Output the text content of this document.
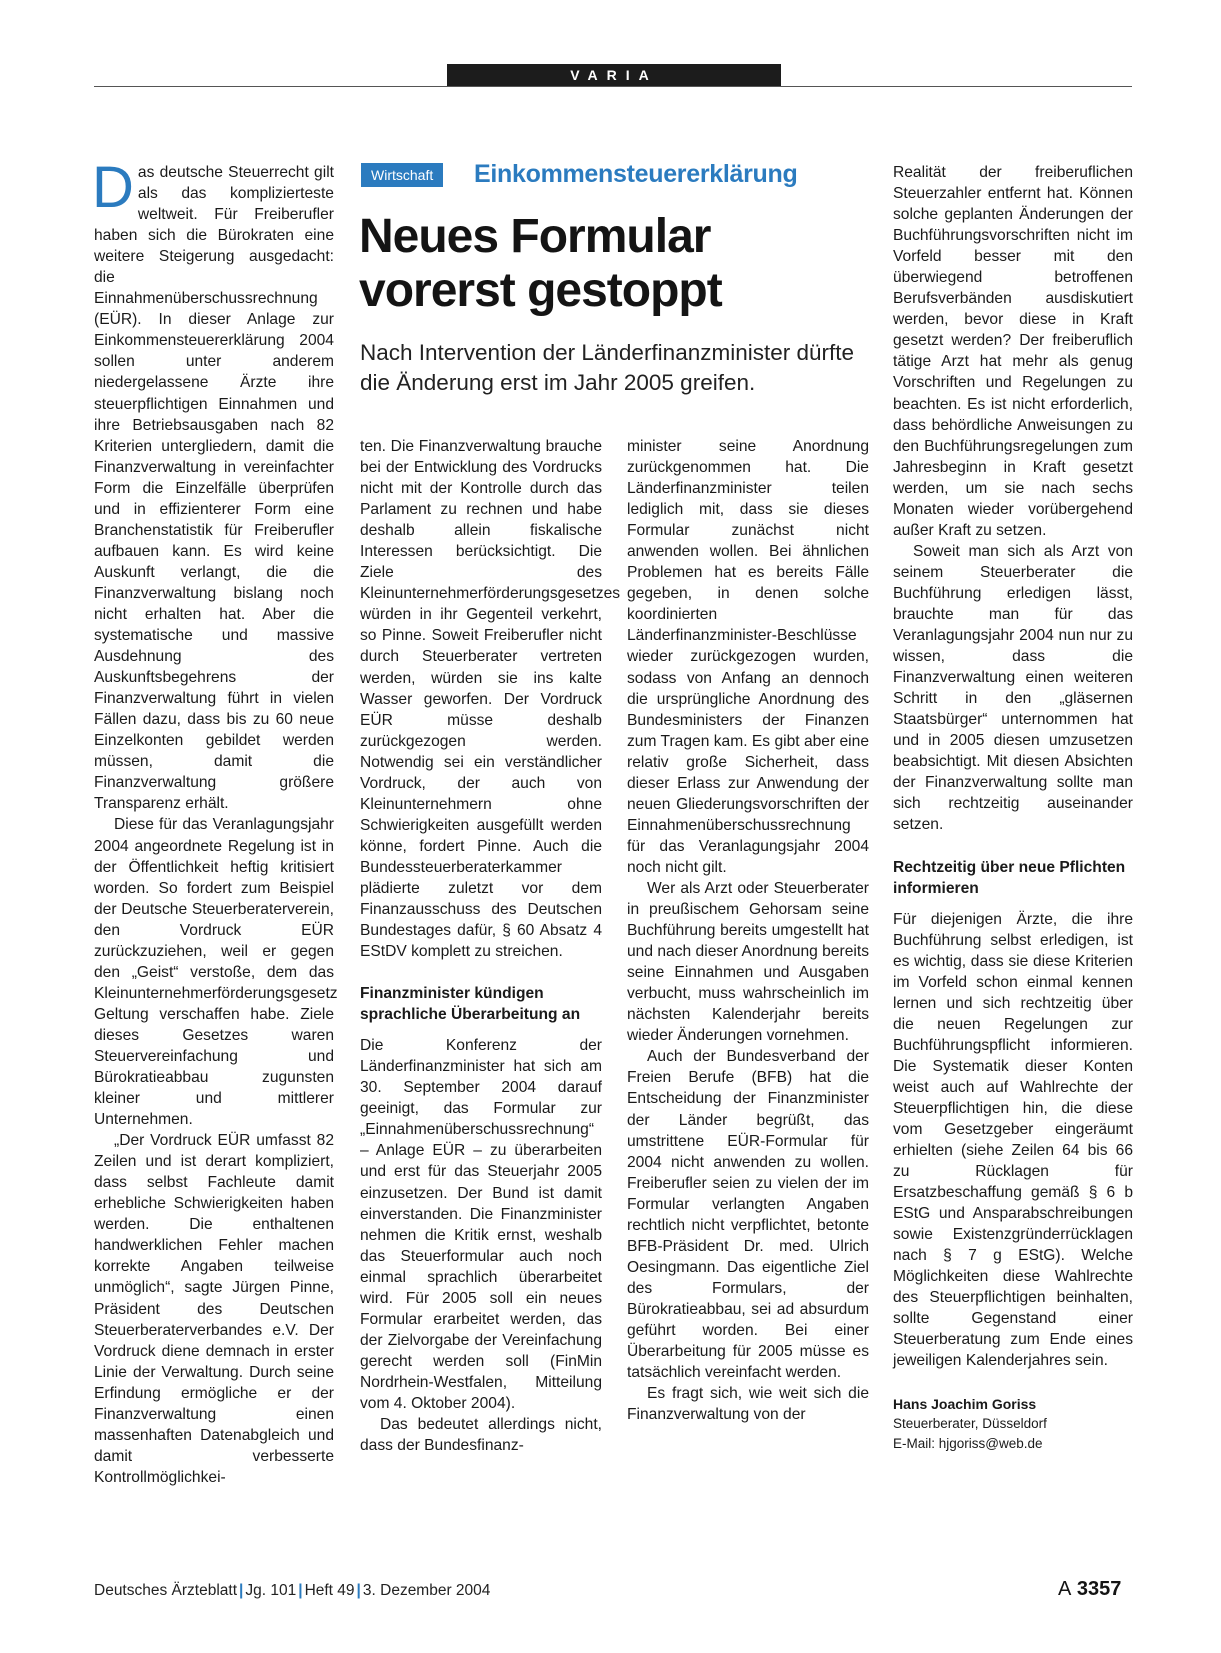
VARIA

Das deutsche Steuerrecht gilt als das komplizierteste weltweit. Für Freiberufler haben sich die Bürokraten eine weitere Steigerung ausgedacht: die Einnahmenüberschussrechnung (EÜR). In dieser Anlage zur Einkommensteuererklärung 2004 sollen unter anderem niedergelassene Ärzte ihre steuerpflichtigen Einnahmen und ihre Betriebsausgaben nach 82 Kriterien untergliedern, damit die Finanzverwaltung in vereinfachter Form die Einzelfälle überprüfen und in effizienterer Form eine Branchenstatistik für Freiberufler aufbauen kann. Es wird keine Auskunft verlangt, die die Finanzverwaltung bislang noch nicht erhalten hat. Aber die systematische und massive Ausdehnung des Auskunftsbegehrens der Finanzverwaltung führt in vielen Fällen dazu, dass bis zu 60 neue Einzelkonten gebildet werden müssen, damit die Finanzverwaltung größere Transparenz erhält.

Diese für das Veranlagungsjahr 2004 angeordnete Regelung ist in der Öffentlichkeit heftig kritisiert worden. So fordert zum Beispiel der Deutsche Steuerberaterverein, den Vordruck EÜR zurückzuziehen, weil er gegen den „Geist“ verstoße, dem das Kleinunternehmerförderungsgesetz Geltung verschaffen habe. Ziele dieses Gesetzes waren Steuervereinfachung und Bürokratieabbau zugunsten kleiner und mittlerer Unternehmen.

„Der Vordruck EÜR umfasst 82 Zeilen und ist derart kompliziert, dass selbst Fachleute damit erhebliche Schwierigkeiten haben werden. Die enthaltenen handwerklichen Fehler machen korrekte Angaben teilweise unmöglich“, sagte Jürgen Pinne, Präsident des Deutschen Steuerberaterverbandes e.V. Der Vordruck diene demnach in erster Linie der Verwaltung. Durch seine Erfindung ermögliche er der Finanzverwaltung einen massenhaften Datenabgleich und damit verbesserte Kontrollmöglichkei-

Wirtschaft	Einkommensteuererklärung
Neues Formular vorerst gestoppt
Nach Intervention der Länderfinanzminister dürfte die Änderung erst im Jahr 2005 greifen.

ten. Die Finanzverwaltung brauche bei der Entwicklung des Vordrucks nicht mit der Kontrolle durch das Parlament zu rechnen und habe deshalb allein fiskalische Interessen berücksichtigt. Die Ziele des Kleinunternehmerförderungsgesetzes würden in ihr Gegenteil verkehrt, so Pinne. Soweit Freiberufler nicht durch Steuerberater vertreten werden, würden sie ins kalte Wasser geworfen. Der Vordruck EÜR müsse deshalb zurückgezogen werden. Notwendig sei ein verständlicher Vordruck, der auch von Kleinunternehmern ohne Schwierigkeiten ausgefüllt werden könne, fordert Pinne. Auch die Bundessteuerberaterkammer plädierte zuletzt vor dem Finanzausschuss des Deutschen Bundestages dafür, § 60 Absatz 4 EStDV komplett zu streichen.

Finanzminister kündigen sprachliche Überarbeitung an

Die Konferenz der Länderfinanzminister hat sich am 30. September 2004 darauf geeinigt, das Formular zur „Einnahmenüberschussrechnung“ – Anlage EÜR – zu überarbeiten und erst für das Steuerjahr 2005 einzusetzen. Der Bund ist damit einverstanden. Die Finanzminister nehmen die Kritik ernst, weshalb das Steuerformular auch noch einmal sprachlich überarbeitet wird. Für 2005 soll ein neues Formular erarbeitet werden, das der Zielvorgabe der Vereinfachung gerecht werden soll (FinMin Nordrhein-Westfalen, Mitteilung vom 4. Oktober 2004).

Das bedeutet allerdings nicht, dass der Bundesfinanz-

minister seine Anordnung zurückgenommen hat. Die Länderfinanzminister teilen lediglich mit, dass sie dieses Formular zunächst nicht anwenden wollen. Bei ähnlichen Problemen hat es bereits Fälle gegeben, in denen solche koordinierten Länderfinanzminister-Beschlüsse wieder zurückgezogen wurden, sodass von Anfang an dennoch die ursprüngliche Anordnung des Bundesministers der Finanzen zum Tragen kam. Es gibt aber eine relativ große Sicherheit, dass dieser Erlass zur Anwendung der neuen Gliederungsvorschriften der Einnahmenüberschussrechnung für das Veranlagungsjahr 2004 noch nicht gilt.

Wer als Arzt oder Steuerberater in preußischem Gehorsam seine Buchführung bereits umgestellt hat und nach dieser Anordnung bereits seine Einnahmen und Ausgaben verbucht, muss wahrscheinlich im nächsten Kalenderjahr bereits wieder Änderungen vornehmen.

Auch der Bundesverband der Freien Berufe (BFB) hat die Entscheidung der Finanzminister der Länder begrüßt, das umstrittene EÜR-Formular für 2004 nicht anwenden zu wollen. Freiberufler seien zu vielen der im Formular verlangten Angaben rechtlich nicht verpflichtet, betonte BFB-Präsident Dr. med. Ulrich Oesingmann. Das eigentliche Ziel des Formulars, der Bürokratieabbau, sei ad absurdum geführt worden. Bei einer Überarbeitung für 2005 müsse es tatsächlich vereinfacht werden.

Es fragt sich, wie weit sich die Finanzverwaltung von der

Realität der freiberuflichen Steuerzahler entfernt hat. Können solche geplanten Änderungen der Buchführungsvorschriften nicht im Vorfeld besser mit den überwiegend betroffenen Berufsverbänden ausdiskutiert werden, bevor diese in Kraft gesetzt werden? Der freiberuflich tätige Arzt hat mehr als genug Vorschriften und Regelungen zu beachten. Es ist nicht erforderlich, dass behördliche Anweisungen zu den Buchführungsregelungen zum Jahresbeginn in Kraft gesetzt werden, um sie nach sechs Monaten wieder vorübergehend außer Kraft zu setzen.

Soweit man sich als Arzt von seinem Steuerberater die Buchführung erledigen lässt, brauchte man für das Veranlagungsjahr 2004 nun nur zu wissen, dass die Finanzverwaltung einen weiteren Schritt in den „gläsernen Staatsbürger“ unternommen hat und in 2005 diesen umzusetzen beabsichtigt. Mit diesen Absichten der Finanzverwaltung sollte man sich rechtzeitig auseinander setzen.

Rechtzeitig über neue Pflichten informieren

Für diejenigen Ärzte, die ihre Buchführung selbst erledigen, ist es wichtig, dass sie diese Kriterien im Vorfeld schon einmal kennen lernen und sich rechtzeitig über die neuen Regelungen zur Buchführungspflicht informieren. Die Systematik dieser Konten weist auch auf Wahlrechte der Steuerpflichtigen hin, die diese vom Gesetzgeber eingeräumt erhielten (siehe Zeilen 64 bis 66 zu Rücklagen für Ersatzbeschaffung gemäß § 6 b EStG und Ansparabschreibungen sowie Existenzgründerrücklagen nach § 7 g EStG). Welche Möglichkeiten diese Wahlrechte des Steuerpflichtigen beinhalten, sollte Gegenstand einer Steuerberatung zum Ende eines jeweiligen Kalenderjahres sein.

Hans Joachim Goriss
Steuerberater, Düsseldorf
E-Mail: hjgoriss@web.de
Deutsches Ärzteblatt | Jg. 101 | Heft 49 | 3. Dezember 2004	A 3357
